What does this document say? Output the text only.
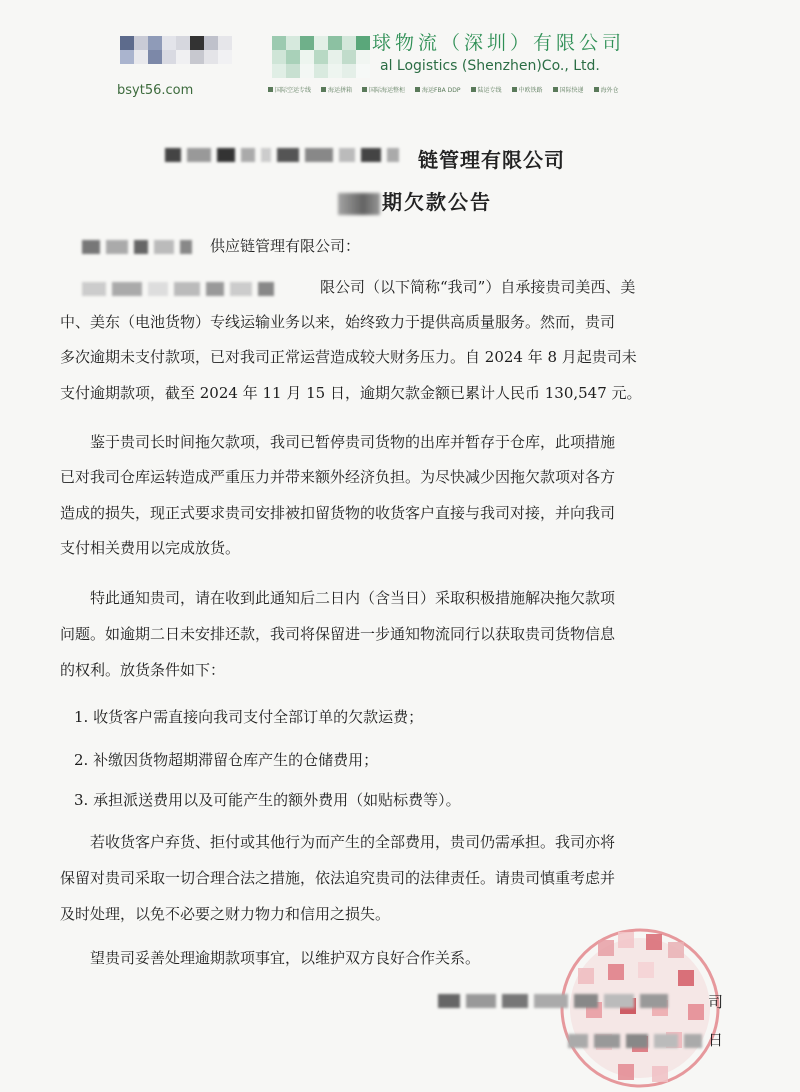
球物流（深圳）有限公司
al Logistics (Shenzhen)Co., Ltd.
bsyt56.com	国际空运专线	海运拼箱	国际海运整柜	海运FBA DDP	陆运专线	中欧铁路	国际快递	海外仓
链管理有限公司
期欠款公告
供应链管理有限公司：
限公司（以下简称“我司”）自承接贵司美西、美
中、美东（电池货物）专线运输业务以来，始终致力于提供高质量服务。然而，贵司
多次逾期未支付款项，已对我司正常运营造成较大财务压力。自 2024 年 8 月起贵司未
支付逾期款项，截至 2024 年 11 月 15 日，逾期欠款金额已累计人民币 130,547 元。
鉴于贵司长时间拖欠款项，我司已暂停贵司货物的出库并暂存于仓库，此项措施
已对我司仓库运转造成严重压力并带来额外经济负担。为尽快减少因拖欠款项对各方
造成的损失，现正式要求贵司安排被扣留货物的收货客户直接与我司对接，并向我司
支付相关费用以完成放货。
特此通知贵司，请在收到此通知后二日内（含当日）采取积极措施解决拖欠款项
问题。如逾期二日未安排还款，我司将保留进一步通知物流同行以获取贵司货物信息
的权利。放货条件如下：
1. 收货客户需直接向我司支付全部订单的欠款运费；
2. 补缴因货物超期滞留仓库产生的仓储费用；
3. 承担派送费用以及可能产生的额外费用（如贴标费等）。
若收货客户弃货、拒付或其他行为而产生的全部费用，贵司仍需承担。我司亦将
保留对贵司采取一切合理合法之措施，依法追究贵司的法律责任。请贵司慎重考虑并
及时处理，以免不必要之财力物力和信用之损失。
望贵司妥善处理逾期款项事宜，以维护双方良好合作关系。
司
日
